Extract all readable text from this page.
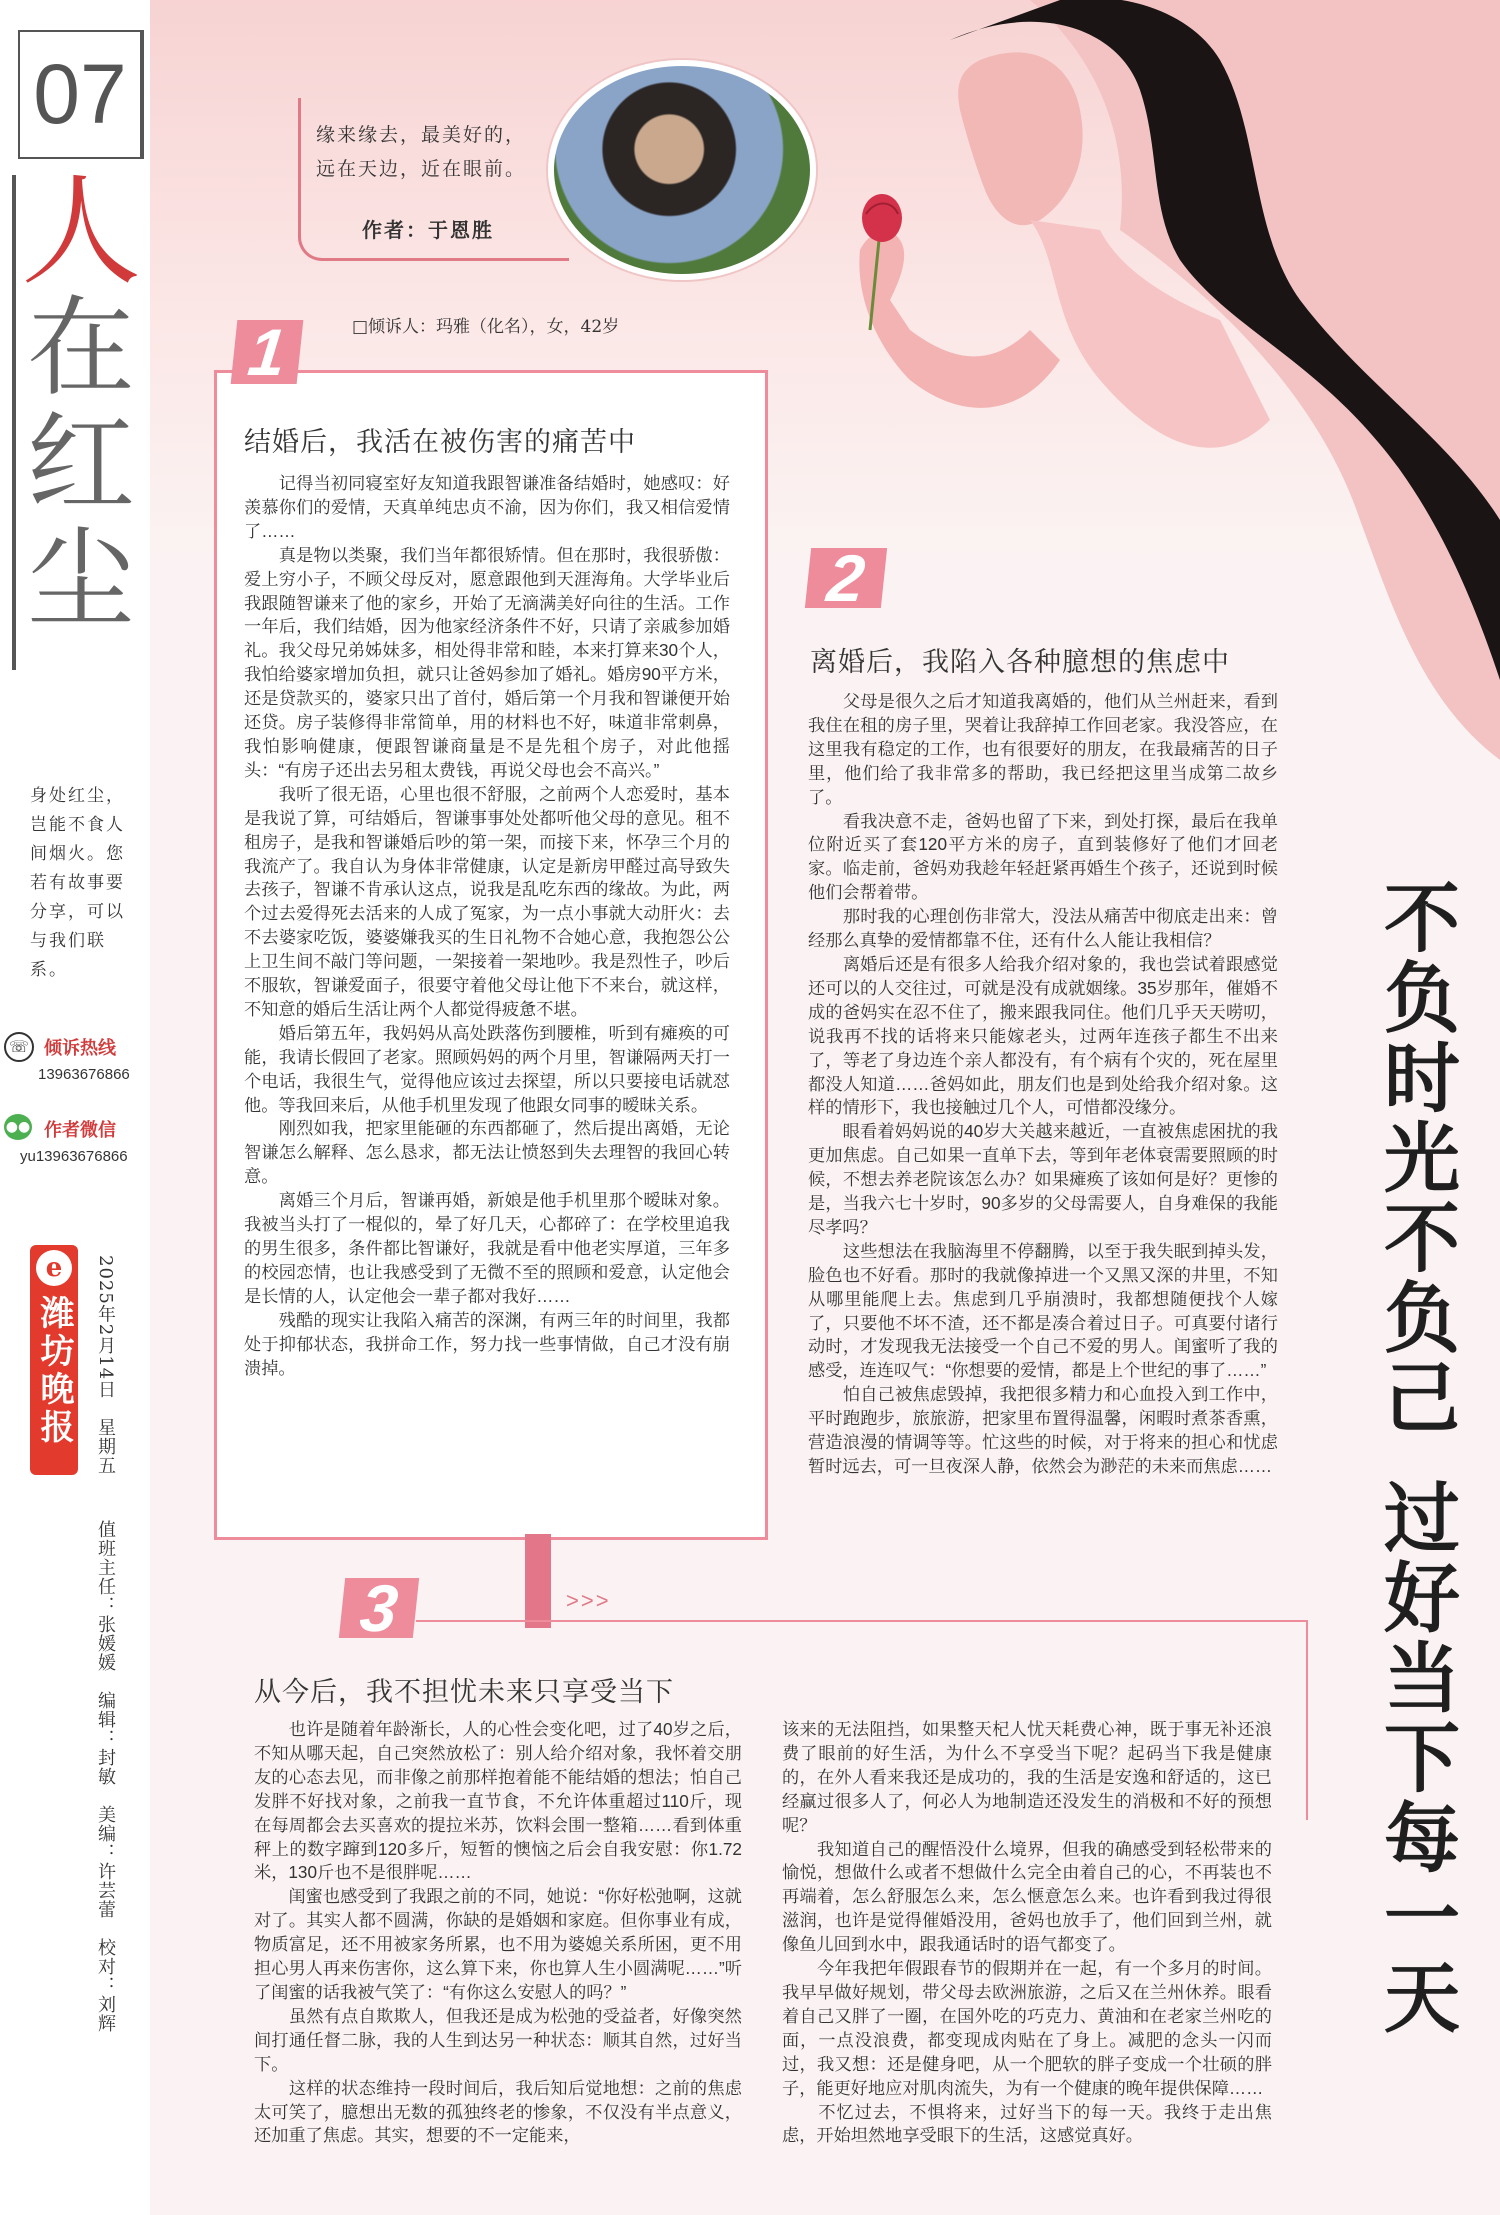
07
人
在
红
尘
身处红尘，岂能不食人间烟火。您若有故事要分享，可以与我们联系。
☏ 倾诉热线
13963676866
●● 作者微信
yu13963676866
e
潍坊晚报 2025年2月14日　星期五
值班主任：张媛媛　编辑：封敏　美编：许芸蕾　校对：刘辉
缘来缘去，最美好的，远在天边，近在眼前。
作者：于恩胜
□倾诉人：玛雅（化名），女，42岁
1
结婚后，我活在被伤害的痛苦中

　　记得当初同寝室好友知道我跟智谦准备结婚时，她感叹：好羡慕你们的爱情，天真单纯忠贞不渝，因为你们，我又相信爱情了……
　　真是物以类聚，我们当年都很矫情。但在那时，我很骄傲：爱上穷小子，不顾父母反对，愿意跟他到天涯海角。大学毕业后我跟随智谦来了他的家乡，开始了无滴满美好向往的生活。工作一年后，我们结婚，因为他家经济条件不好，只请了亲戚参加婚礼。我父母兄弟姊妹多，相处得非常和睦，本来打算来30个人，我怕给婆家增加负担，就只让爸妈参加了婚礼。婚房90平方米，还是贷款买的，婆家只出了首付，婚后第一个月我和智谦便开始还贷。房子装修得非常简单，用的材料也不好，味道非常刺鼻，我怕影响健康，便跟智谦商量是不是先租个房子，对此他摇头：“有房子还出去另租太费钱，再说父母也会不高兴。”
　　我听了很无语，心里也很不舒服，之前两个人恋爱时，基本是我说了算，可结婚后，智谦事事处处都听他父母的意见。租不租房子，是我和智谦婚后吵的第一架，而接下来，怀孕三个月的我流产了。我自认为身体非常健康，认定是新房甲醛过高导致失去孩子，智谦不肯承认这点，说我是乱吃东西的缘故。为此，两个过去爱得死去活来的人成了冤家，为一点小事就大动肝火：去不去婆家吃饭，婆婆嫌我买的生日礼物不合她心意，我抱怨公公上卫生间不敲门等问题，一架接着一架地吵。我是烈性子，吵后不服软，智谦爱面子，很要守着他父母让他下不来台，就这样，不知意的婚后生活让两个人都觉得疲惫不堪。
　　婚后第五年，我妈妈从高处跌落伤到腰椎，听到有瘫痪的可能，我请长假回了老家。照顾妈妈的两个月里，智谦隔两天打一个电话，我很生气，觉得他应该过去探望，所以只要接电话就怼他。等我回来后，从他手机里发现了他跟女同事的暧昧关系。
　　刚烈如我，把家里能砸的东西都砸了，然后提出离婚，无论智谦怎么解释、怎么恳求，都无法让愤怒到失去理智的我回心转意。
　　离婚三个月后，智谦再婚，新娘是他手机里那个暧昧对象。我被当头打了一棍似的，晕了好几天，心都碎了：在学校里追我的男生很多，条件都比智谦好，我就是看中他老实厚道，三年多的校园恋情，也让我感受到了无微不至的照顾和爱意，认定他会是长情的人，认定他会一辈子都对我好……
　　残酷的现实让我陷入痛苦的深渊，有两三年的时间里，我都处于抑郁状态，我拼命工作，努力找一些事情做，自己才没有崩溃掉。

2
离婚后，我陷入各种臆想的焦虑中

　　父母是很久之后才知道我离婚的，他们从兰州赶来，看到我住在租的房子里，哭着让我辞掉工作回老家。我没答应，在这里我有稳定的工作，也有很要好的朋友，在我最痛苦的日子里，他们给了我非常多的帮助，我已经把这里当成第二故乡了。
　　看我决意不走，爸妈也留了下来，到处打探，最后在我单位附近买了套120平方米的房子，直到装修好了他们才回老家。临走前，爸妈劝我趁年轻赶紧再婚生个孩子，还说到时候他们会帮着带。
　　那时我的心理创伤非常大，没法从痛苦中彻底走出来：曾经那么真挚的爱情都靠不住，还有什么人能让我相信？
　　离婚后还是有很多人给我介绍对象的，我也尝试着跟感觉还可以的人交往过，可就是没有成就姻缘。35岁那年，催婚不成的爸妈实在忍不住了，搬来跟我同住。他们几乎天天唠叨，说我再不找的话将来只能嫁老头，过两年连孩子都生不出来了，等老了身边连个亲人都没有，有个病有个灾的，死在屋里都没人知道……爸妈如此，朋友们也是到处给我介绍对象。这样的情形下，我也接触过几个人，可惜都没缘分。
　　眼看着妈妈说的40岁大关越来越近，一直被焦虑困扰的我更加焦虑。自己如果一直单下去，等到年老体衰需要照顾的时候，不想去养老院该怎么办？如果瘫痪了该如何是好？更惨的是，当我六七十岁时，90多岁的父母需要人，自身难保的我能尽孝吗？
　　这些想法在我脑海里不停翻腾，以至于我失眠到掉头发，脸色也不好看。那时的我就像掉进一个又黑又深的井里，不知从哪里能爬上去。焦虑到几乎崩溃时，我都想随便找个人嫁了，只要他不坏不渣，还不都是凑合着过日子。可真要付诸行动时，才发现我无法接受一个自己不爱的男人。闺蜜听了我的感受，连连叹气：“你想要的爱情，都是上个世纪的事了……”
　　怕自己被焦虑毁掉，我把很多精力和心血投入到工作中，平时跑跑步，旅旅游，把家里布置得温馨，闲暇时煮茶香熏，营造浪漫的情调等等。忙这些的时候，对于将来的担心和忧虑暂时远去，可一旦夜深人静，依然会为渺茫的未来而焦虑……

3	>>>
从今后，我不担忧未来只享受当下

　　也许是随着年龄渐长，人的心性会变化吧，过了40岁之后，不知从哪天起，自己突然放松了：别人给介绍对象，我怀着交朋友的心态去见，而非像之前那样抱着能不能结婚的想法；怕自己发胖不好找对象，之前我一直节食，不允许体重超过110斤，现在每周都会去买喜欢的提拉米苏，饮料会围一整箱……看到体重秤上的数字蹿到120多斤，短暂的懊恼之后会自我安慰：你1.72米，130斤也不是很胖呢……
　　闺蜜也感受到了我跟之前的不同，她说：“你好松弛啊，这就对了。其实人都不圆满，你缺的是婚姻和家庭。但你事业有成，物质富足，还不用被家务所累，也不用为婆媳关系所困，更不用担心男人再来伤害你，这么算下来，你也算人生小圆满呢……”听了闺蜜的话我被气笑了：“有你这么安慰人的吗？”
　　虽然有点自欺欺人，但我还是成为松弛的受益者，好像突然间打通任督二脉，我的人生到达另一种状态：顺其自然，过好当下。
　　这样的状态维持一段时间后，我后知后觉地想：之前的焦虑太可笑了，臆想出无数的孤独终老的惨象，不仅没有半点意义，还加重了焦虑。其实，想要的不一定能来，

该来的无法阻挡，如果整天杞人忧天耗费心神，既于事无补还浪费了眼前的好生活，为什么不享受当下呢？起码当下我是健康的，在外人看来我还是成功的，我的生活是安逸和舒适的，这已经赢过很多人了，何必人为地制造还没发生的消极和不好的预想呢？
　　我知道自己的醒悟没什么境界，但我的确感受到轻松带来的愉悦，想做什么或者不想做什么完全由着自己的心，不再装也不再端着，怎么舒服怎么来，怎么惬意怎么来。也许看到我过得很滋润，也许是觉得催婚没用，爸妈也放手了，他们回到兰州，就像鱼儿回到水中，跟我通话时的语气都变了。
　　今年我把年假跟春节的假期并在一起，有一个多月的时间。我早早做好规划，带父母去欧洲旅游，之后又在兰州休养。眼看着自己又胖了一圈，在国外吃的巧克力、黄油和在老家兰州吃的面，一点没浪费，都变现成肉贴在了身上。减肥的念头一闪而过，我又想：还是健身吧，从一个肥软的胖子变成一个壮硕的胖子，能更好地应对肌肉流失，为有一个健康的晚年提供保障……
　　不忆过去，不惧将来，过好当下的每一天。我终于走出焦虑，开始坦然地享受眼下的生活，这感觉真好。

不
负
时
光
不
负
己
过
好
当
下
每
一
天
